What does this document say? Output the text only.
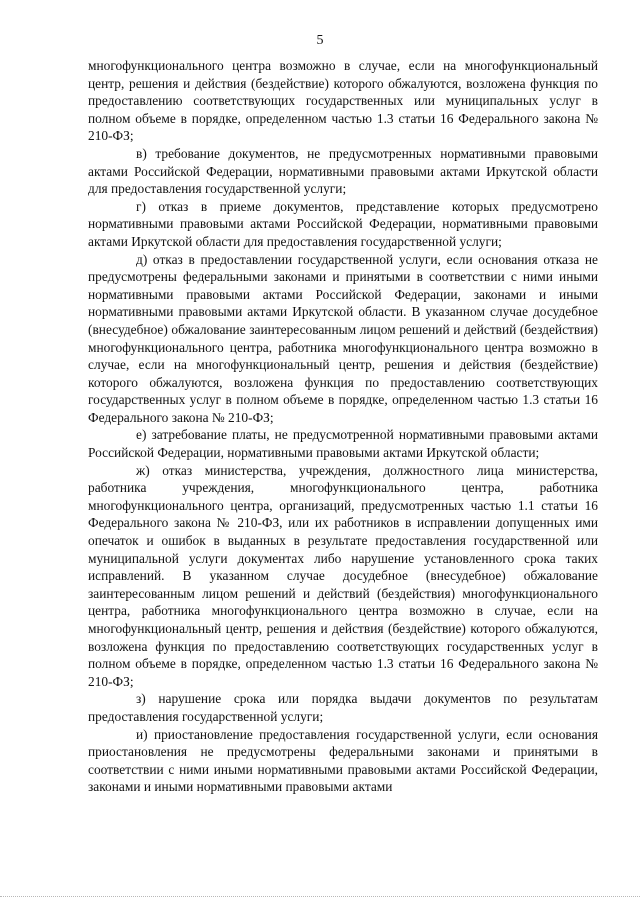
5

многофункционального центра возможно в случае, если на многофункциональный центр, решения и действия (бездействие) которого обжалуются, возложена функция по предоставлению соответствующих государственных или муниципальных услуг в полном объеме в порядке, определенном частью 1.3 статьи 16 Федерального закона № 210-ФЗ;

в) требование документов, не предусмотренных нормативными правовыми актами Российской Федерации, нормативными правовыми актами Иркутской области для предоставления государственной услуги;

г) отказ в приеме документов, представление которых предусмотрено нормативными правовыми актами Российской Федерации, нормативными правовыми актами Иркутской области для предоставления государственной услуги;

д) отказ в предоставлении государственной услуги, если основания отказа не предусмотрены федеральными законами и принятыми в соответствии с ними иными нормативными правовыми актами Российской Федерации, законами и иными нормативными правовыми актами Иркутской области. В указанном случае досудебное (внесудебное) обжалование заинтересованным лицом решений и действий (бездействия) многофункционального центра, работника многофункционального центра возможно в случае, если на многофункциональный центр, решения и действия (бездействие) которого обжалуются, возложена функция по предоставлению соответствующих государственных услуг в полном объеме в порядке, определенном частью 1.3 статьи 16 Федерального закона № 210-ФЗ;

е) затребование платы, не предусмотренной нормативными правовыми актами Российской Федерации, нормативными правовыми актами Иркутской области;

ж) отказ министерства, учреждения, должностного лица министерства, работника учреждения, многофункционального центра, работника многофункционального центра, организаций, предусмотренных частью 1.1 статьи 16 Федерального закона № 210-ФЗ, или их работников в исправлении допущенных ими опечаток и ошибок в выданных в результате предоставления государственной или муниципальной услуги документах либо нарушение установленного срока таких исправлений. В указанном случае досудебное (внесудебное) обжалование заинтересованным лицом решений и действий (бездействия) многофункционального центра, работника многофункционального центра возможно в случае, если на многофункциональный центр, решения и действия (бездействие) которого обжалуются, возложена функция по предоставлению соответствующих государственных услуг в полном объеме в порядке, определенном частью 1.3 статьи 16 Федерального закона № 210-ФЗ;

з) нарушение срока или порядка выдачи документов по результатам предоставления государственной услуги;

и) приостановление предоставления государственной услуги, если основания приостановления не предусмотрены федеральными законами и принятыми в соответствии с ними иными нормативными правовыми актами Российской Федерации, законами и иными нормативными правовыми актами
